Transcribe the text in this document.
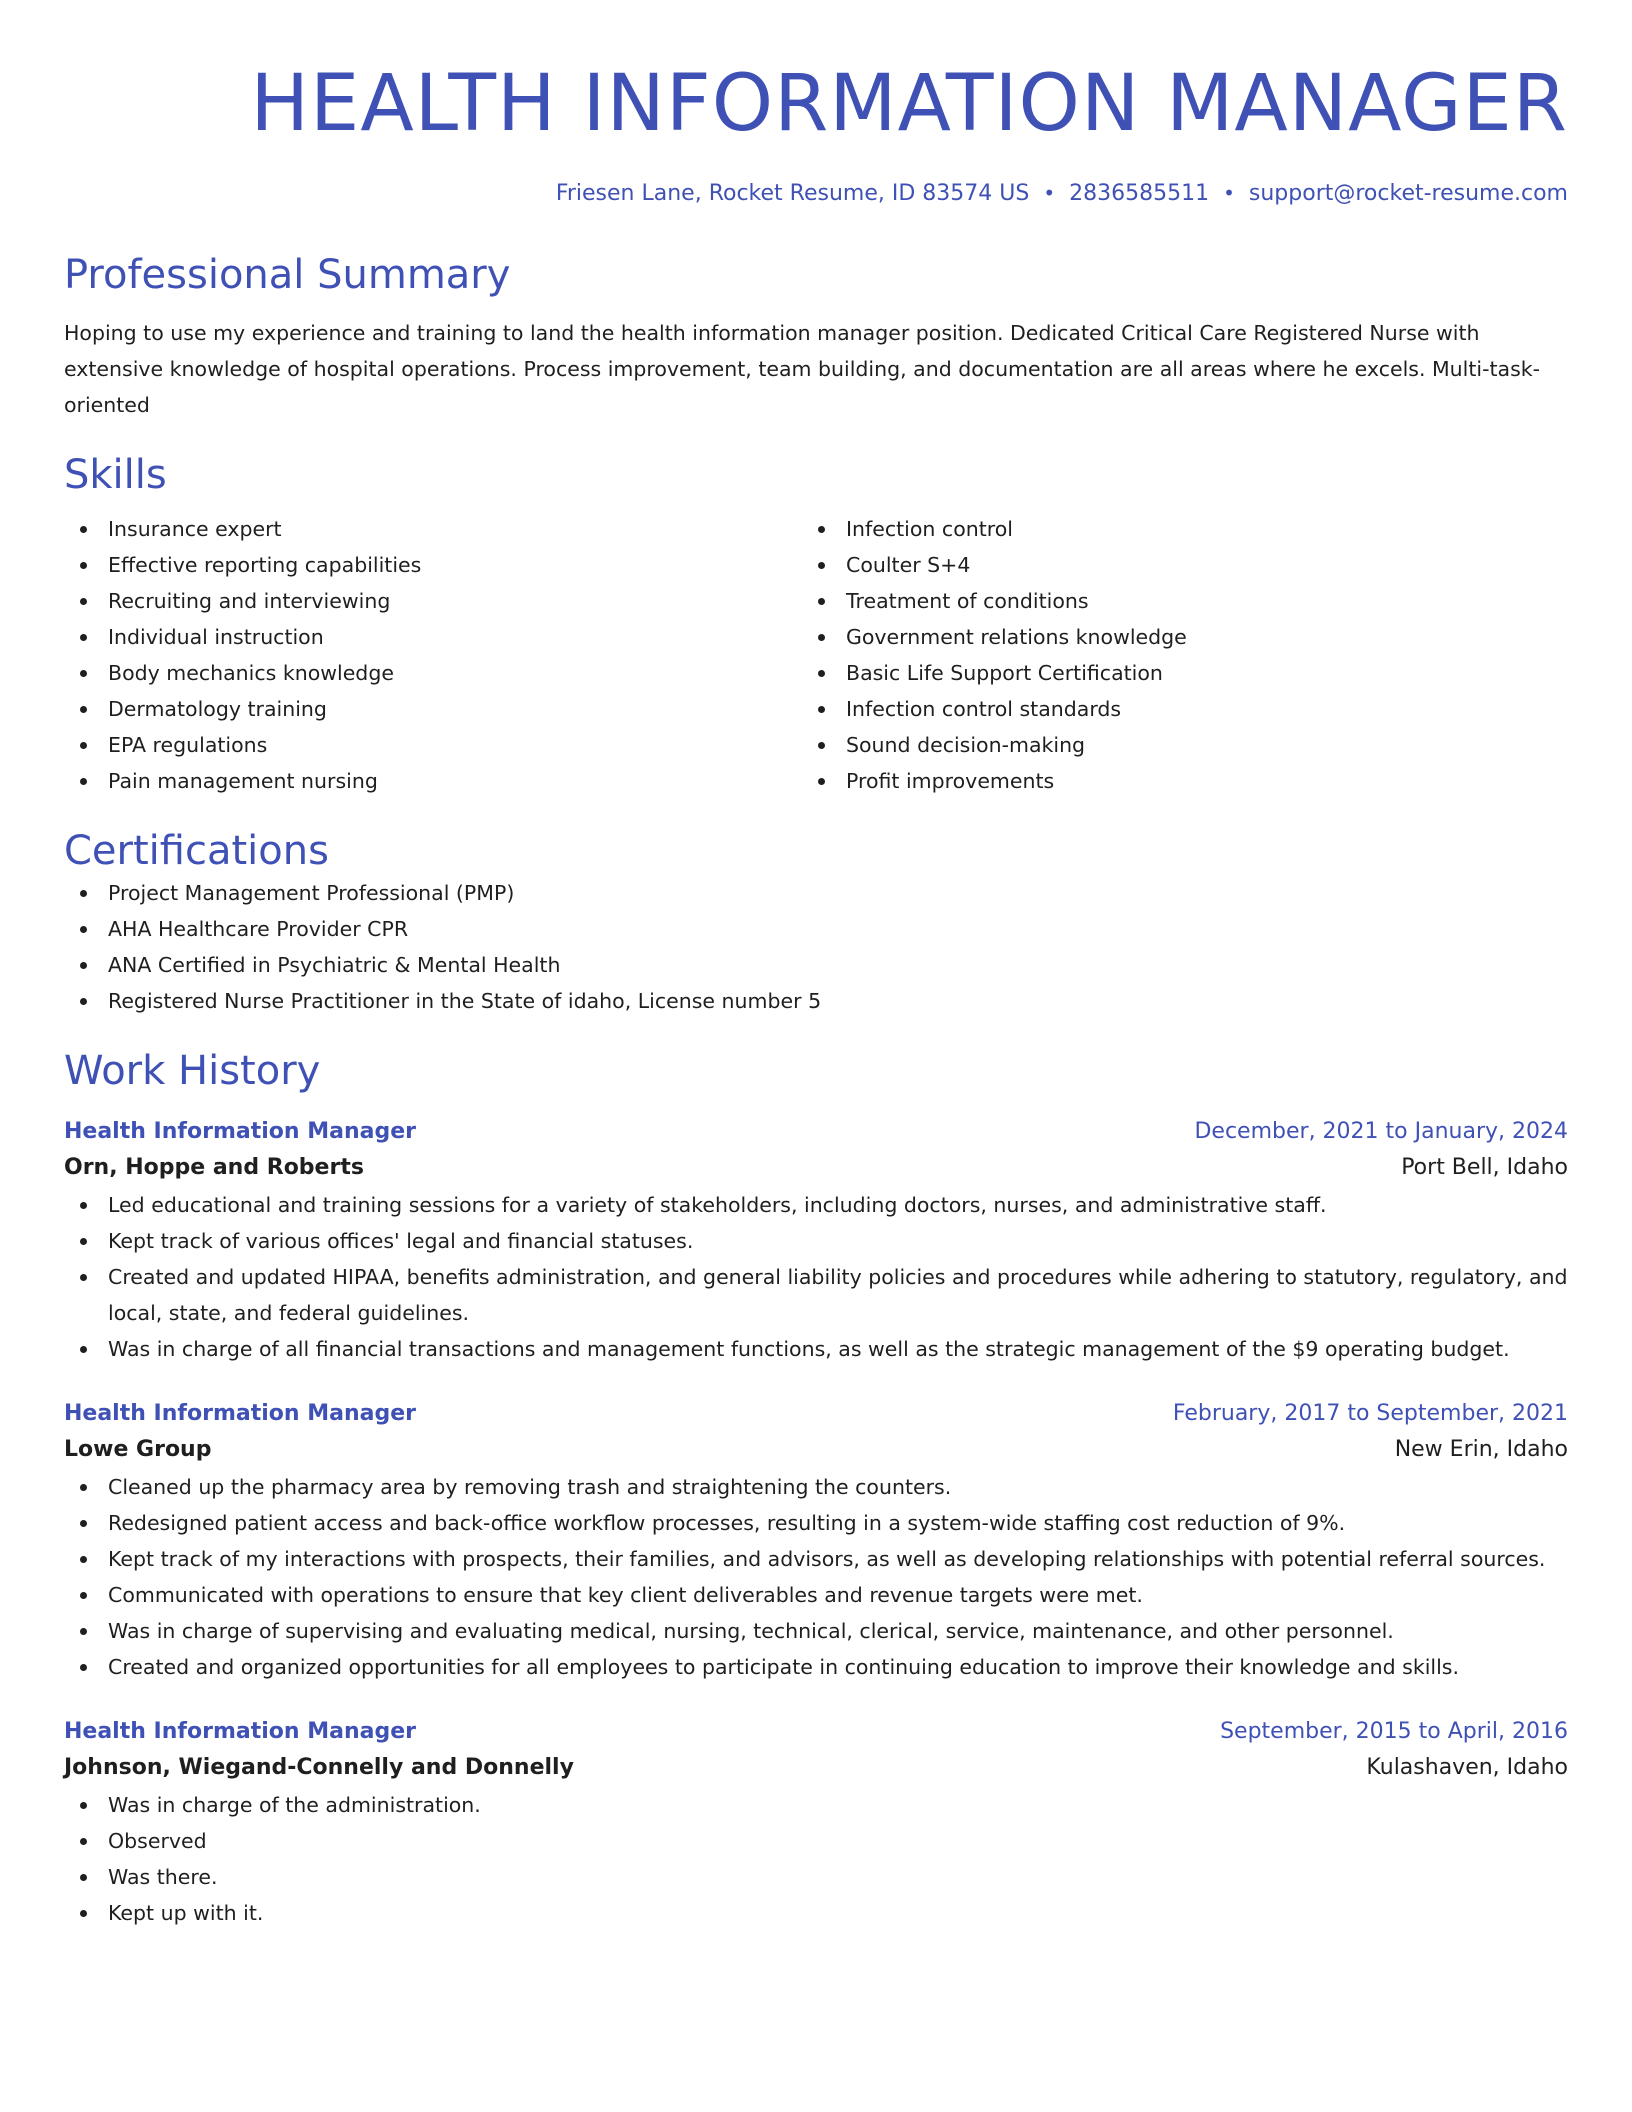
HEALTH INFORMATION MANAGER
Friesen Lane, Rocket Resume, ID 83574 US • 2836585511 • support@rocket-resume.com
Professional Summary

Hoping to use my experience and training to land the health information manager position. Dedicated Critical Care Registered Nurse with extensive knowledge of hospital operations. Process improvement, team building, and documentation are all areas where he excels. Multi-task-oriented

Skills
Insurance expert
Effective reporting capabilities
Recruiting and interviewing
Individual instruction
Body mechanics knowledge
Dermatology training
EPA regulations
Pain management nursing
Infection control
Coulter S+4
Treatment of conditions
Government relations knowledge
Basic Life Support Certification
Infection control standards
Sound decision-making
Profit improvements
Certifications
Project Management Professional (PMP)
AHA Healthcare Provider CPR
ANA Certified in Psychiatric & Mental Health
Registered Nurse Practitioner in the State of idaho, License number 5
Work History
Health Information Manager	December, 2021 to January, 2024
Orn, Hoppe and Roberts	Port Bell, Idaho
Led educational and training sessions for a variety of stakeholders, including doctors, nurses, and administrative staff.
Kept track of various offices' legal and financial statuses.
Created and updated HIPAA, benefits administration, and general liability policies and procedures while adhering to statutory, regulatory, and local, state, and federal guidelines.
Was in charge of all financial transactions and management functions, as well as the strategic management of the $9 operating budget.
Health Information Manager	February, 2017 to September, 2021
Lowe Group	New Erin, Idaho
Cleaned up the pharmacy area by removing trash and straightening the counters.
Redesigned patient access and back-office workflow processes, resulting in a system-wide staffing cost reduction of 9%.
Kept track of my interactions with prospects, their families, and advisors, as well as developing relationships with potential referral sources.
Communicated with operations to ensure that key client deliverables and revenue targets were met.
Was in charge of supervising and evaluating medical, nursing, technical, clerical, service, maintenance, and other personnel.
Created and organized opportunities for all employees to participate in continuing education to improve their knowledge and skills.
Health Information Manager	September, 2015 to April, 2016
Johnson, Wiegand-Connelly and Donnelly	Kulashaven, Idaho
Was in charge of the administration.
Observed
Was there.
Kept up with it.
